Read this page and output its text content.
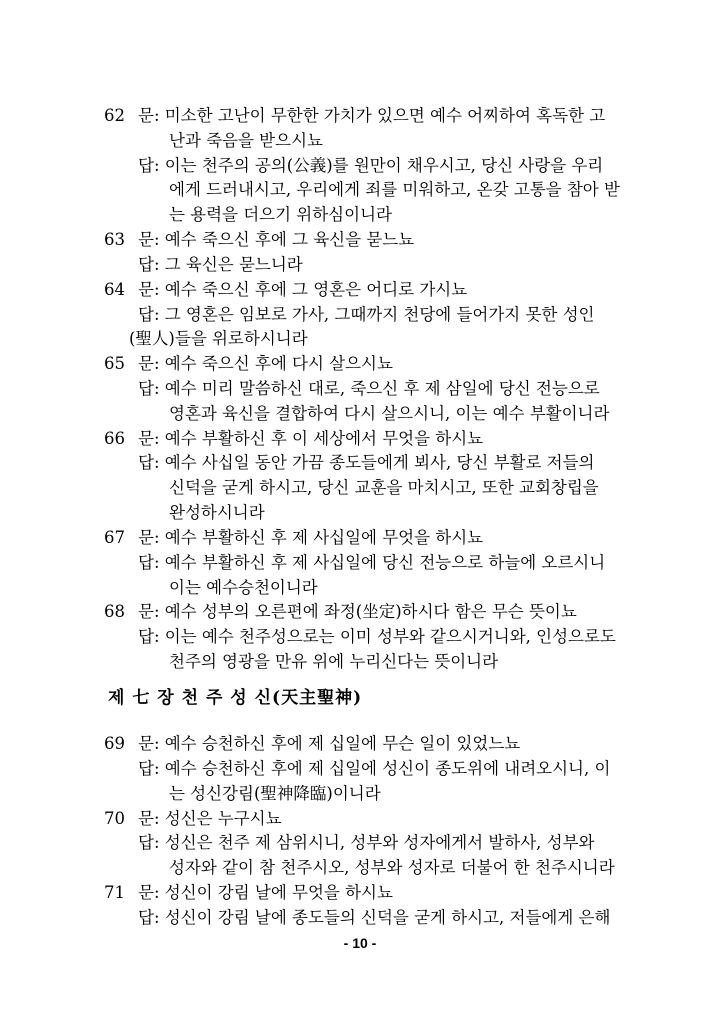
62 문: 미소한 고난이 무한한 가치가 있으면 예수 어찌하여 혹독한 고
난과 죽음을 받으시뇨
답: 이는 천주의 공의(公義)를 원만이 채우시고, 당신 사랑을 우리
에게 드러내시고, 우리에게 죄를 미워하고, 온갖 고통을 참아 받
는 용력을 더으기 위하심이니라
63 문: 예수 죽으신 후에 그 육신을 묻느뇨
답: 그 육신은 묻느니라
64 문: 예수 죽으신 후에 그 영혼은 어디로 가시뇨
답: 그 영혼은 임보로 가사, 그때까지 천당에 들어가지 못한 성인
(聖人)들을 위로하시니라
65 문: 예수 죽으신 후에 다시 살으시뇨
답: 예수 미리 말씀하신 대로, 죽으신 후 제 삼일에 당신 전능으로
영혼과 육신을 결합하여 다시 살으시니, 이는 예수 부활이니라
66 문: 예수 부활하신 후 이 세상에서 무엇을 하시뇨
답: 예수 사십일 동안 가끔 종도들에게 뵈사, 당신 부활로 저들의
신덕을 굳게 하시고, 당신 교훈을 마치시고, 또한 교회창립을
완성하시니라
67 문: 예수 부활하신 후 제 사십일에 무엇을 하시뇨
답: 예수 부활하신 후 제 사십일에 당신 전능으로 하늘에 오르시니
이는 예수승천이니라
68 문: 예수 성부의 오른편에 좌정(坐定)하시다 함은 무슨 뜻이뇨
답: 이는 예수 천주성으로는 이미 성부와 같으시거니와, 인성으로도
천주의 영광을 만유 위에 누리신다는 뜻이니라
제 七 장 천 주 성 신(天主聖神)
69 문: 예수 승천하신 후에 제 십일에 무슨 일이 있었느뇨
답: 예수 승천하신 후에 제 십일에 성신이 종도위에 내려오시니, 이
는 성신강림(聖神降臨)이니라
70 문: 성신은 누구시뇨
답: 성신은 천주 제 삼위시니, 성부와 성자에게서 발하사, 성부와
성자와 같이 참 천주시오, 성부와 성자로 더불어 한 천주시니라
71 문: 성신이 강림 날에 무엇을 하시뇨
답: 성신이 강림 날에 종도들의 신덕을 굳게 하시고, 저들에게 은해
- 10 -
